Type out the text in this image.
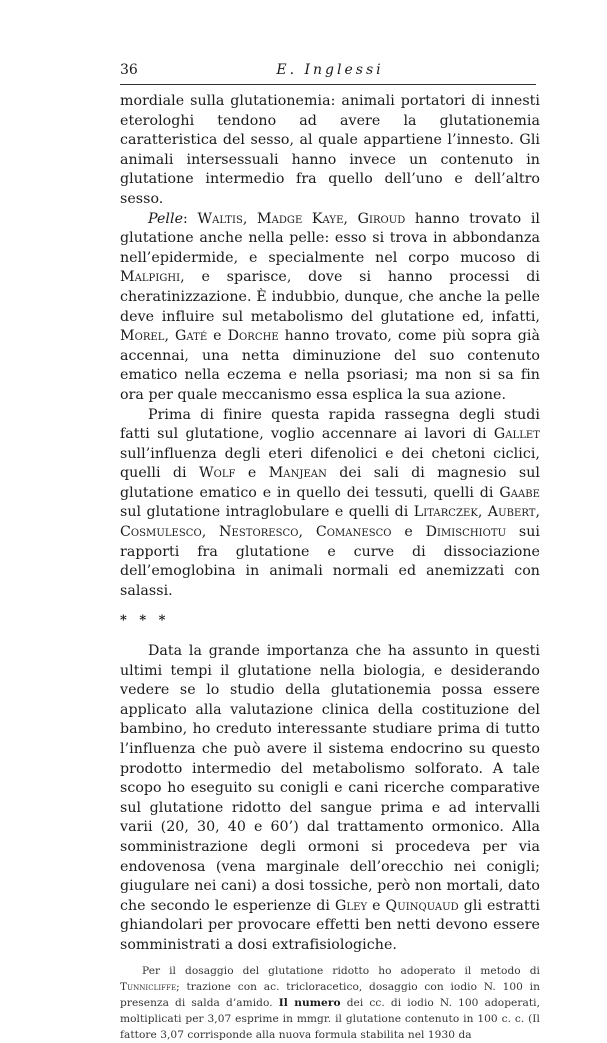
36	E. Inglessi

mordiale sulla glutationemia: animali portatori di innesti eterologhi tendono ad avere la glutationemia caratteristica del sesso, al quale appartiene l’innesto. Gli animali intersessuali hanno invece un contenuto in glutatione intermedio fra quello dell’uno e dell’altro sesso.

Pelle: Waltis, Madge Kaye, Giroud hanno trovato il glutatione anche nella pelle: esso si trova in abbondanza nell’epidermide, e specialmente nel corpo mucoso di Malpighi, e sparisce, dove si hanno processi di cheratinizzazione. È indubbio, dunque, che anche la pelle deve influire sul metabolismo del glutatione ed, infatti, Morel, Gaté e Dorche hanno trovato, come più sopra già accennai, una netta diminuzione del suo contenuto ematico nella eczema e nella psoriasi; ma non si sa fin ora per quale meccanismo essa esplica la sua azione.

Prima di finire questa rapida rassegna degli studi fatti sul glutatione, voglio accennare ai lavori di Gallet sull’influenza degli eteri difenolici e dei chetoni ciclici, quelli di Wolf e Manjean dei sali di magnesio sul glutatione ematico e in quello dei tessuti, quelli di Gaabe sul glutatione intraglobulare e quelli di Litarczek, Aubert, Cosmulesco, Nestoresco, Comanesco e Dimischiotu sui rapporti fra glutatione e curve di dissociazione dell’emoglobina in animali normali ed anemizzati con salassi.

* * *

Data la grande importanza che ha assunto in questi ultimi tempi il glutatione nella biologia, e desiderando vedere se lo studio della glutationemia possa essere applicato alla valutazione clinica della costituzione del bambino, ho creduto interessante studiare prima di tutto l’influenza che può avere il sistema endocrino su questo prodotto intermedio del metabolismo solforato. A tale scopo ho eseguito su conigli e cani ricerche comparative sul glutatione ridotto del sangue prima e ad intervalli varii (20, 30, 40 e 60’) dal trattamento ormonico. Alla somministrazione degli ormoni si procedeva per via endovenosa (vena marginale dell’orecchio nei conigli; giugulare nei cani) a dosi tossiche, però non mortali, dato che secondo le esperienze di Gley e Quinquaud gli estratti ghiandolari per provocare effetti ben netti devono essere somministrati a dosi extrafisiologiche.

Per il dosaggio del glutatione ridotto ho adoperato il metodo di Tunnicliffe; trazione con ac. tricloracetico, dosaggio con iodio N. 100 in presenza di salda d’amido. Il numero dei cc. di iodio N. 100 adoperati, moltiplicati per 3,07 esprime in mmgr. il glutatione contenuto in 100 c. c. (Il fattore 3,07 corrisponde alla nuova formula stabilita nel 1930 da
